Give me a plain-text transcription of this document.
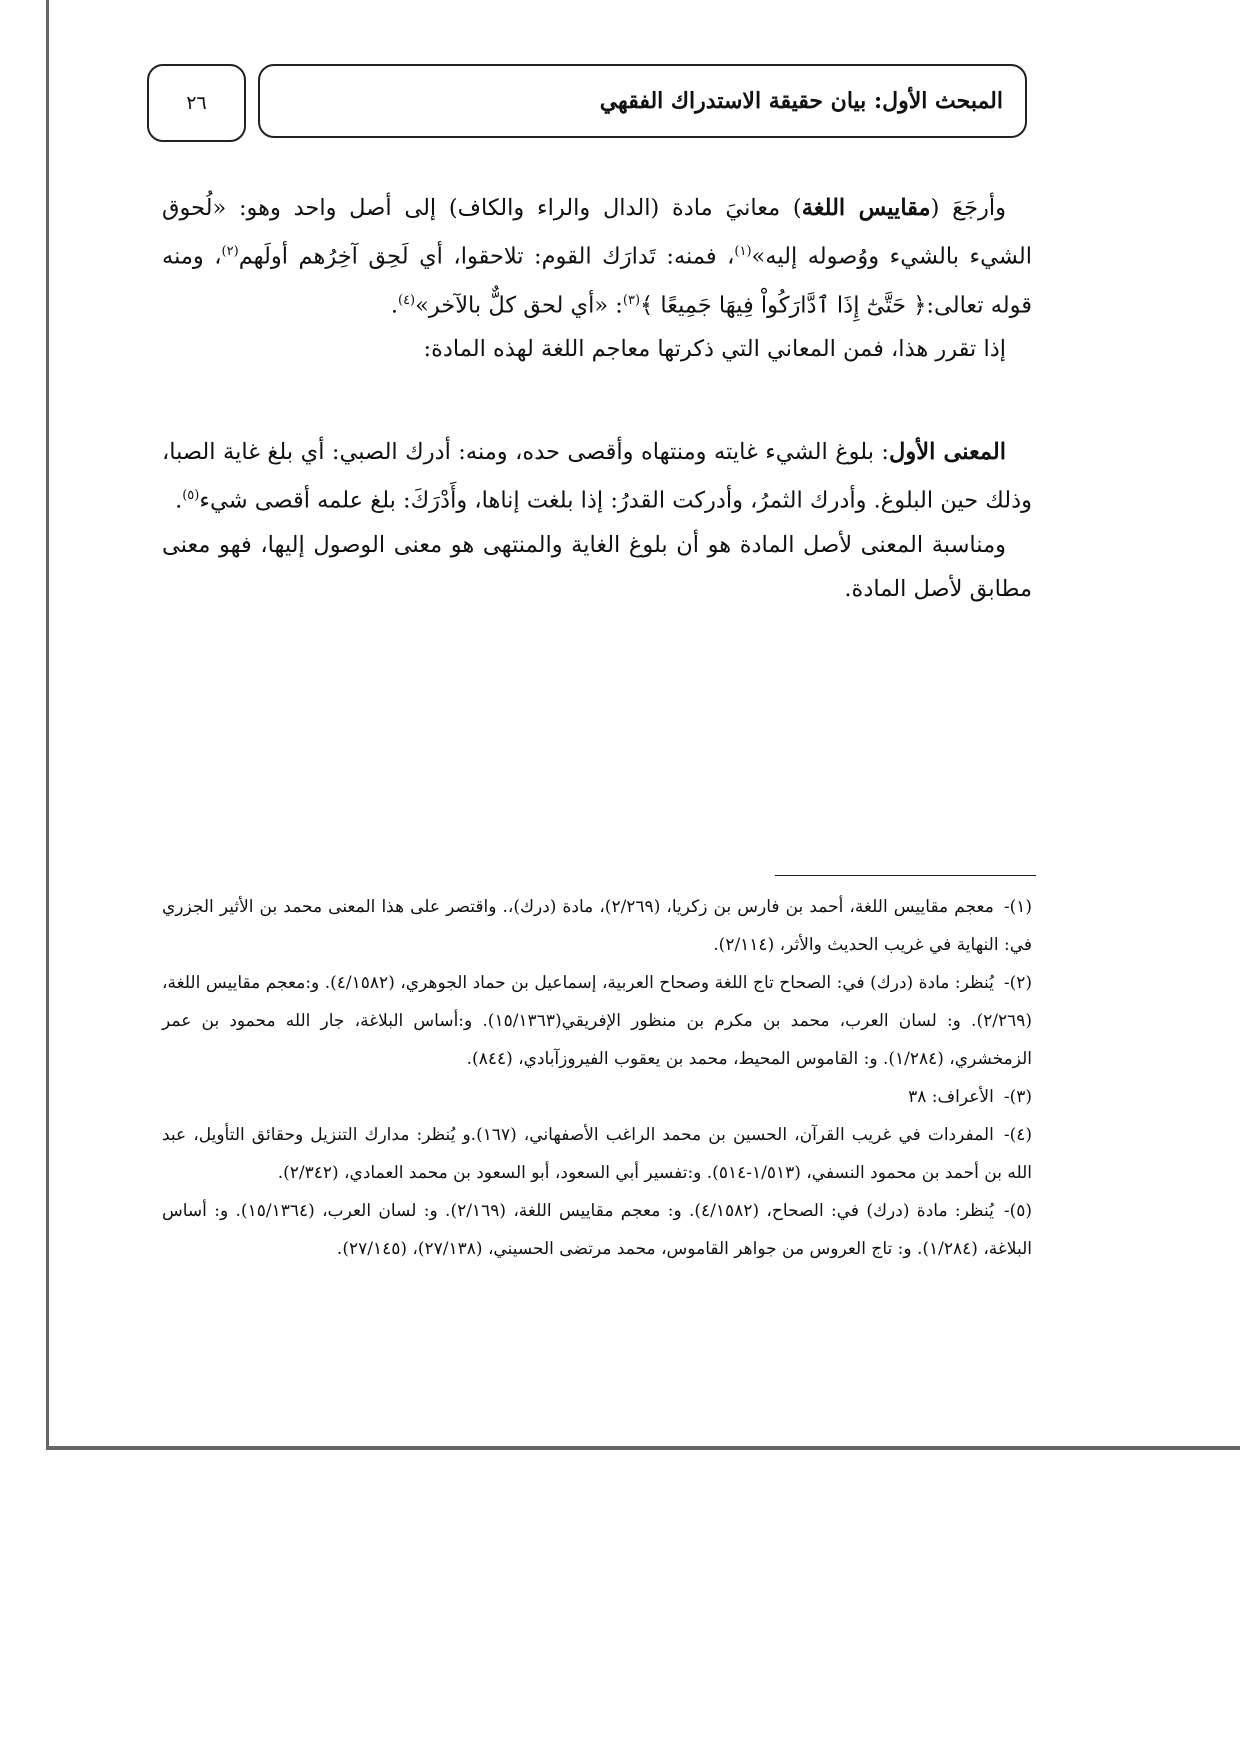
٢٦	المبحث الأول: بيان حقيقة الاستدراك الفقهي

وأرجَعَ (مقاييس اللغة) معانيَ مادة (الدال والراء والكاف) إلى أصل واحد وهو: «لُحوق الشيء بالشيء ووُصوله إليه»$^{(١)}$، فمنه: تَدارَك القوم: تلاحقوا، أي لَحِق آخِرُهم أولَهم$^{(٢)}$، ومنه قوله تعالى:﴿ حَتَّىٰٓ إِذَا ٱدَّارَكُواْ فِيهَا جَمِيعًا ﴾$^{(٣)}$: «أي لحق كلٌّ بالآخر»$^{(٤)}$.

إذا تقرر هذا، فمن المعاني التي ذكرتها معاجم اللغة لهذه المادة:

المعنى الأول: بلوغ الشيء غايته ومنتهاه وأقصى حده، ومنه: أدرك الصبي: أي بلغ غاية الصبا، وذلك حين البلوغ. وأدرك الثمرُ، وأدركت القدرُ: إذا بلغت إناها، وأَدْرَكَ: بلغ علمه أقصى شيء$^{(٥)}$.

ومناسبة المعنى لأصل المادة هو أن بلوغ الغاية والمنتهى هو معنى الوصول إليها، فهو معنى مطابق لأصل المادة.

(١)-معجم مقاييس اللغة، أحمد بن فارس بن زكريا، (٢/٢٦٩)، مادة (درك)،. واقتصر على هذا المعنى محمد بن الأثير الجزري في: النهاية في غريب الحديث والأثر، (٢/١١٤).

(٢)-يُنظر: مادة (درك) في: الصحاح تاج اللغة وصحاح العربية، إسماعيل بن حماد الجوهري، (٤/١٥٨٢). و:معجم مقاييس اللغة، (٢/٢٦٩). و: لسان العرب، محمد بن مكرم بن منظور الإفريقي(١٥/١٣٦٣). و:أساس البلاغة، جار الله محمود بن عمر الزمخشري، (١/٢٨٤). و: القاموس المحيط، محمد بن يعقوب الفيروزآبادي، (٨٤٤).

(٣)-الأعراف: ٣٨

(٤)-المفردات في غريب القرآن، الحسين بن محمد الراغب الأصفهاني، (١٦٧).و يُنظر: مدارك التنزيل وحقائق التأويل، عبد الله بن أحمد بن محمود النسفي، (١/٥١٣-٥١٤). و:تفسير أبي السعود، أبو السعود بن محمد العمادي، (٢/٣٤٢).

(٥)-يُنظر: مادة (درك) في: الصحاح، (٤/١٥٨٢). و: معجم مقاييس اللغة، (٢/١٦٩). و: لسان العرب، (١٥/١٣٦٤). و: أساس البلاغة، (١/٢٨٤). و: تاج العروس من جواهر القاموس، محمد مرتضى الحسيني، (٢٧/١٣٨)، (٢٧/١٤٥).
